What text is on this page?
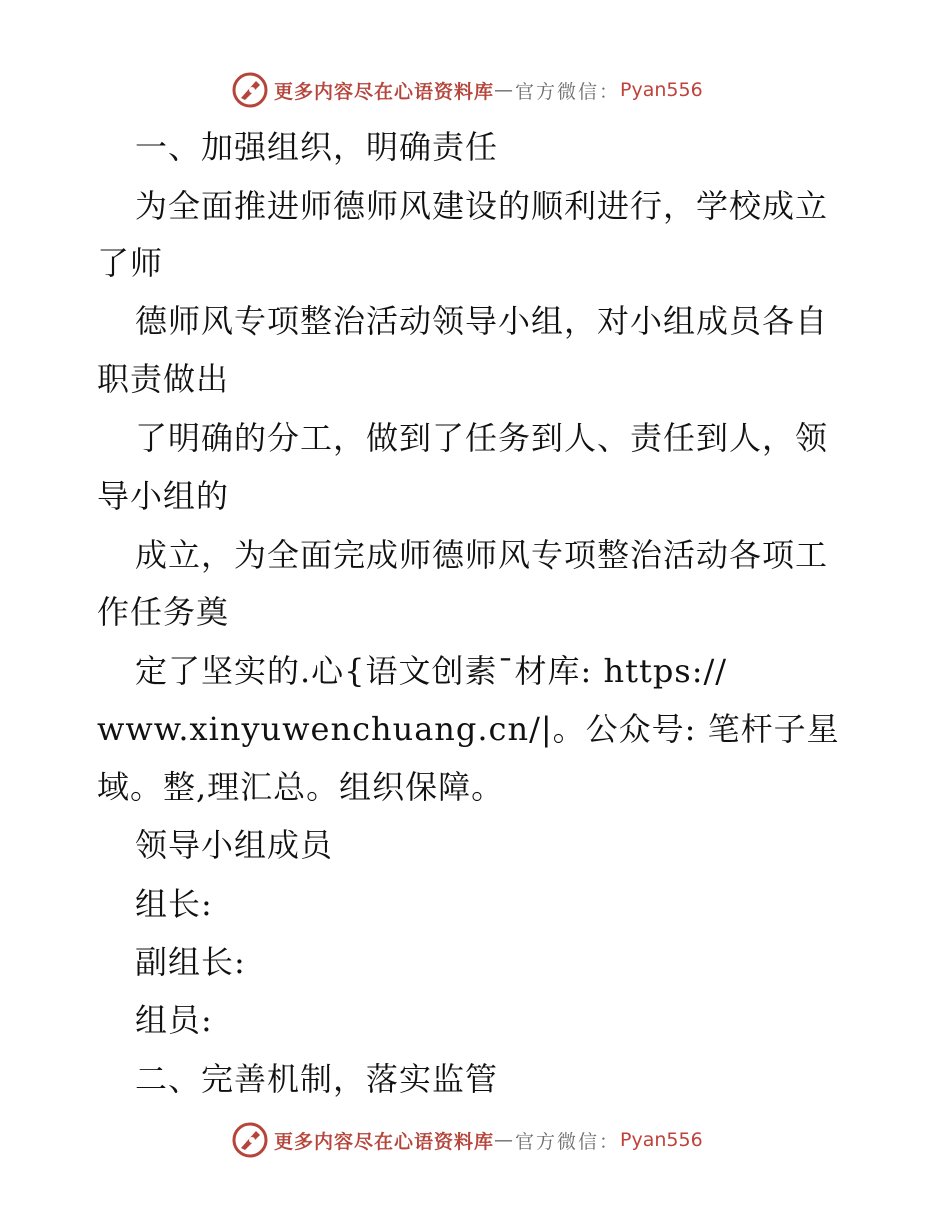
更多内容尽在心语资料库 — 官方微信： Pyan556
一、加强组织，明确责任
为全面推进师德师风建设的顺利进行，学校成立
了师
德师风专项整治活动领导小组，对小组成员各自
职责做出
了明确的分工，做到了任务到人、责任到人，领
导小组的
成立，为全面完成师德师风专项整治活动各项工
作任务奠
定了坚实的.心{语文创素¯材库: https://
www.xinyuwenchuang.cn/|。公众号: 笔杆子星
域。整,理汇总。组织保障。
领导小组成员
组长:
副组长:
组员:
二、完善机制，落实监管
更多内容尽在心语资料库 — 官方微信： Pyan556
